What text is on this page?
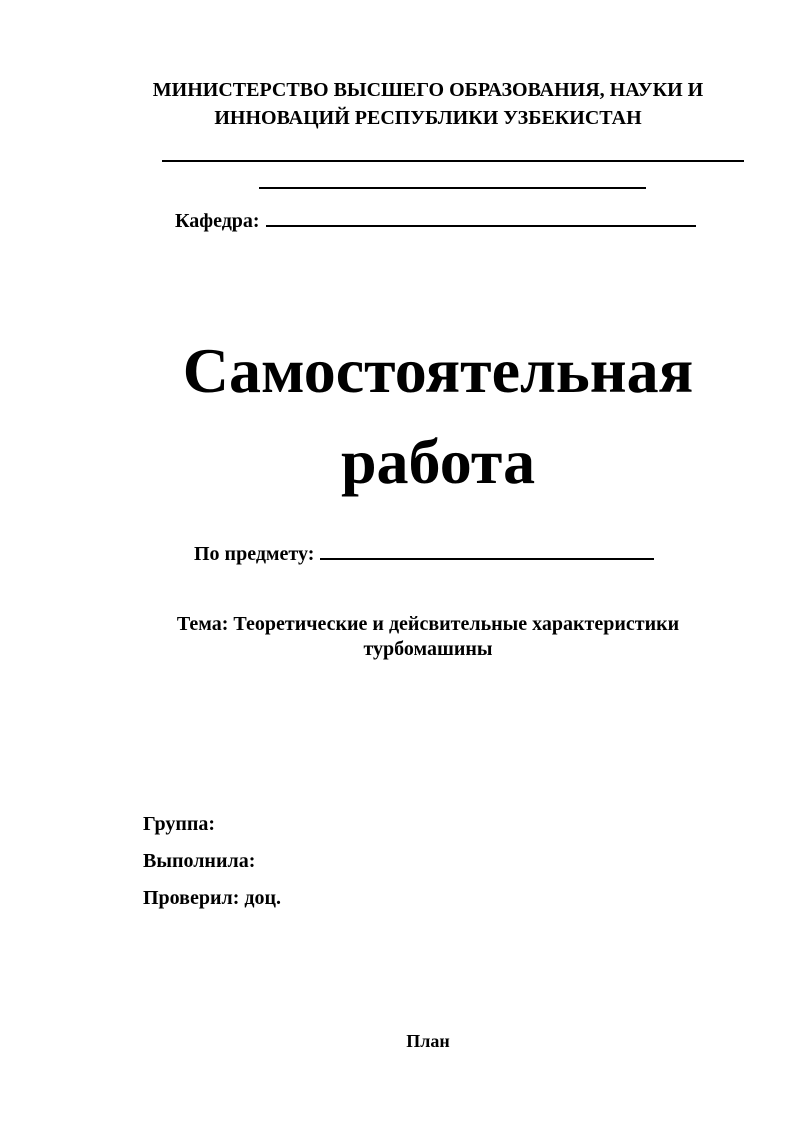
МИНИСТЕРСТВО ВЫСШЕГО ОБРАЗОВАНИЯ, НАУКИ И
ИННОВАЦИЙ РЕСПУБЛИКИ УЗБЕКИСТАН
Кафедра:
Самостоятельная
работа
По предмету:
Тема: Теоретические и дейсвительные характеристики
турбомашины
Группа:
Выполнила:
Проверил: доц.
План
